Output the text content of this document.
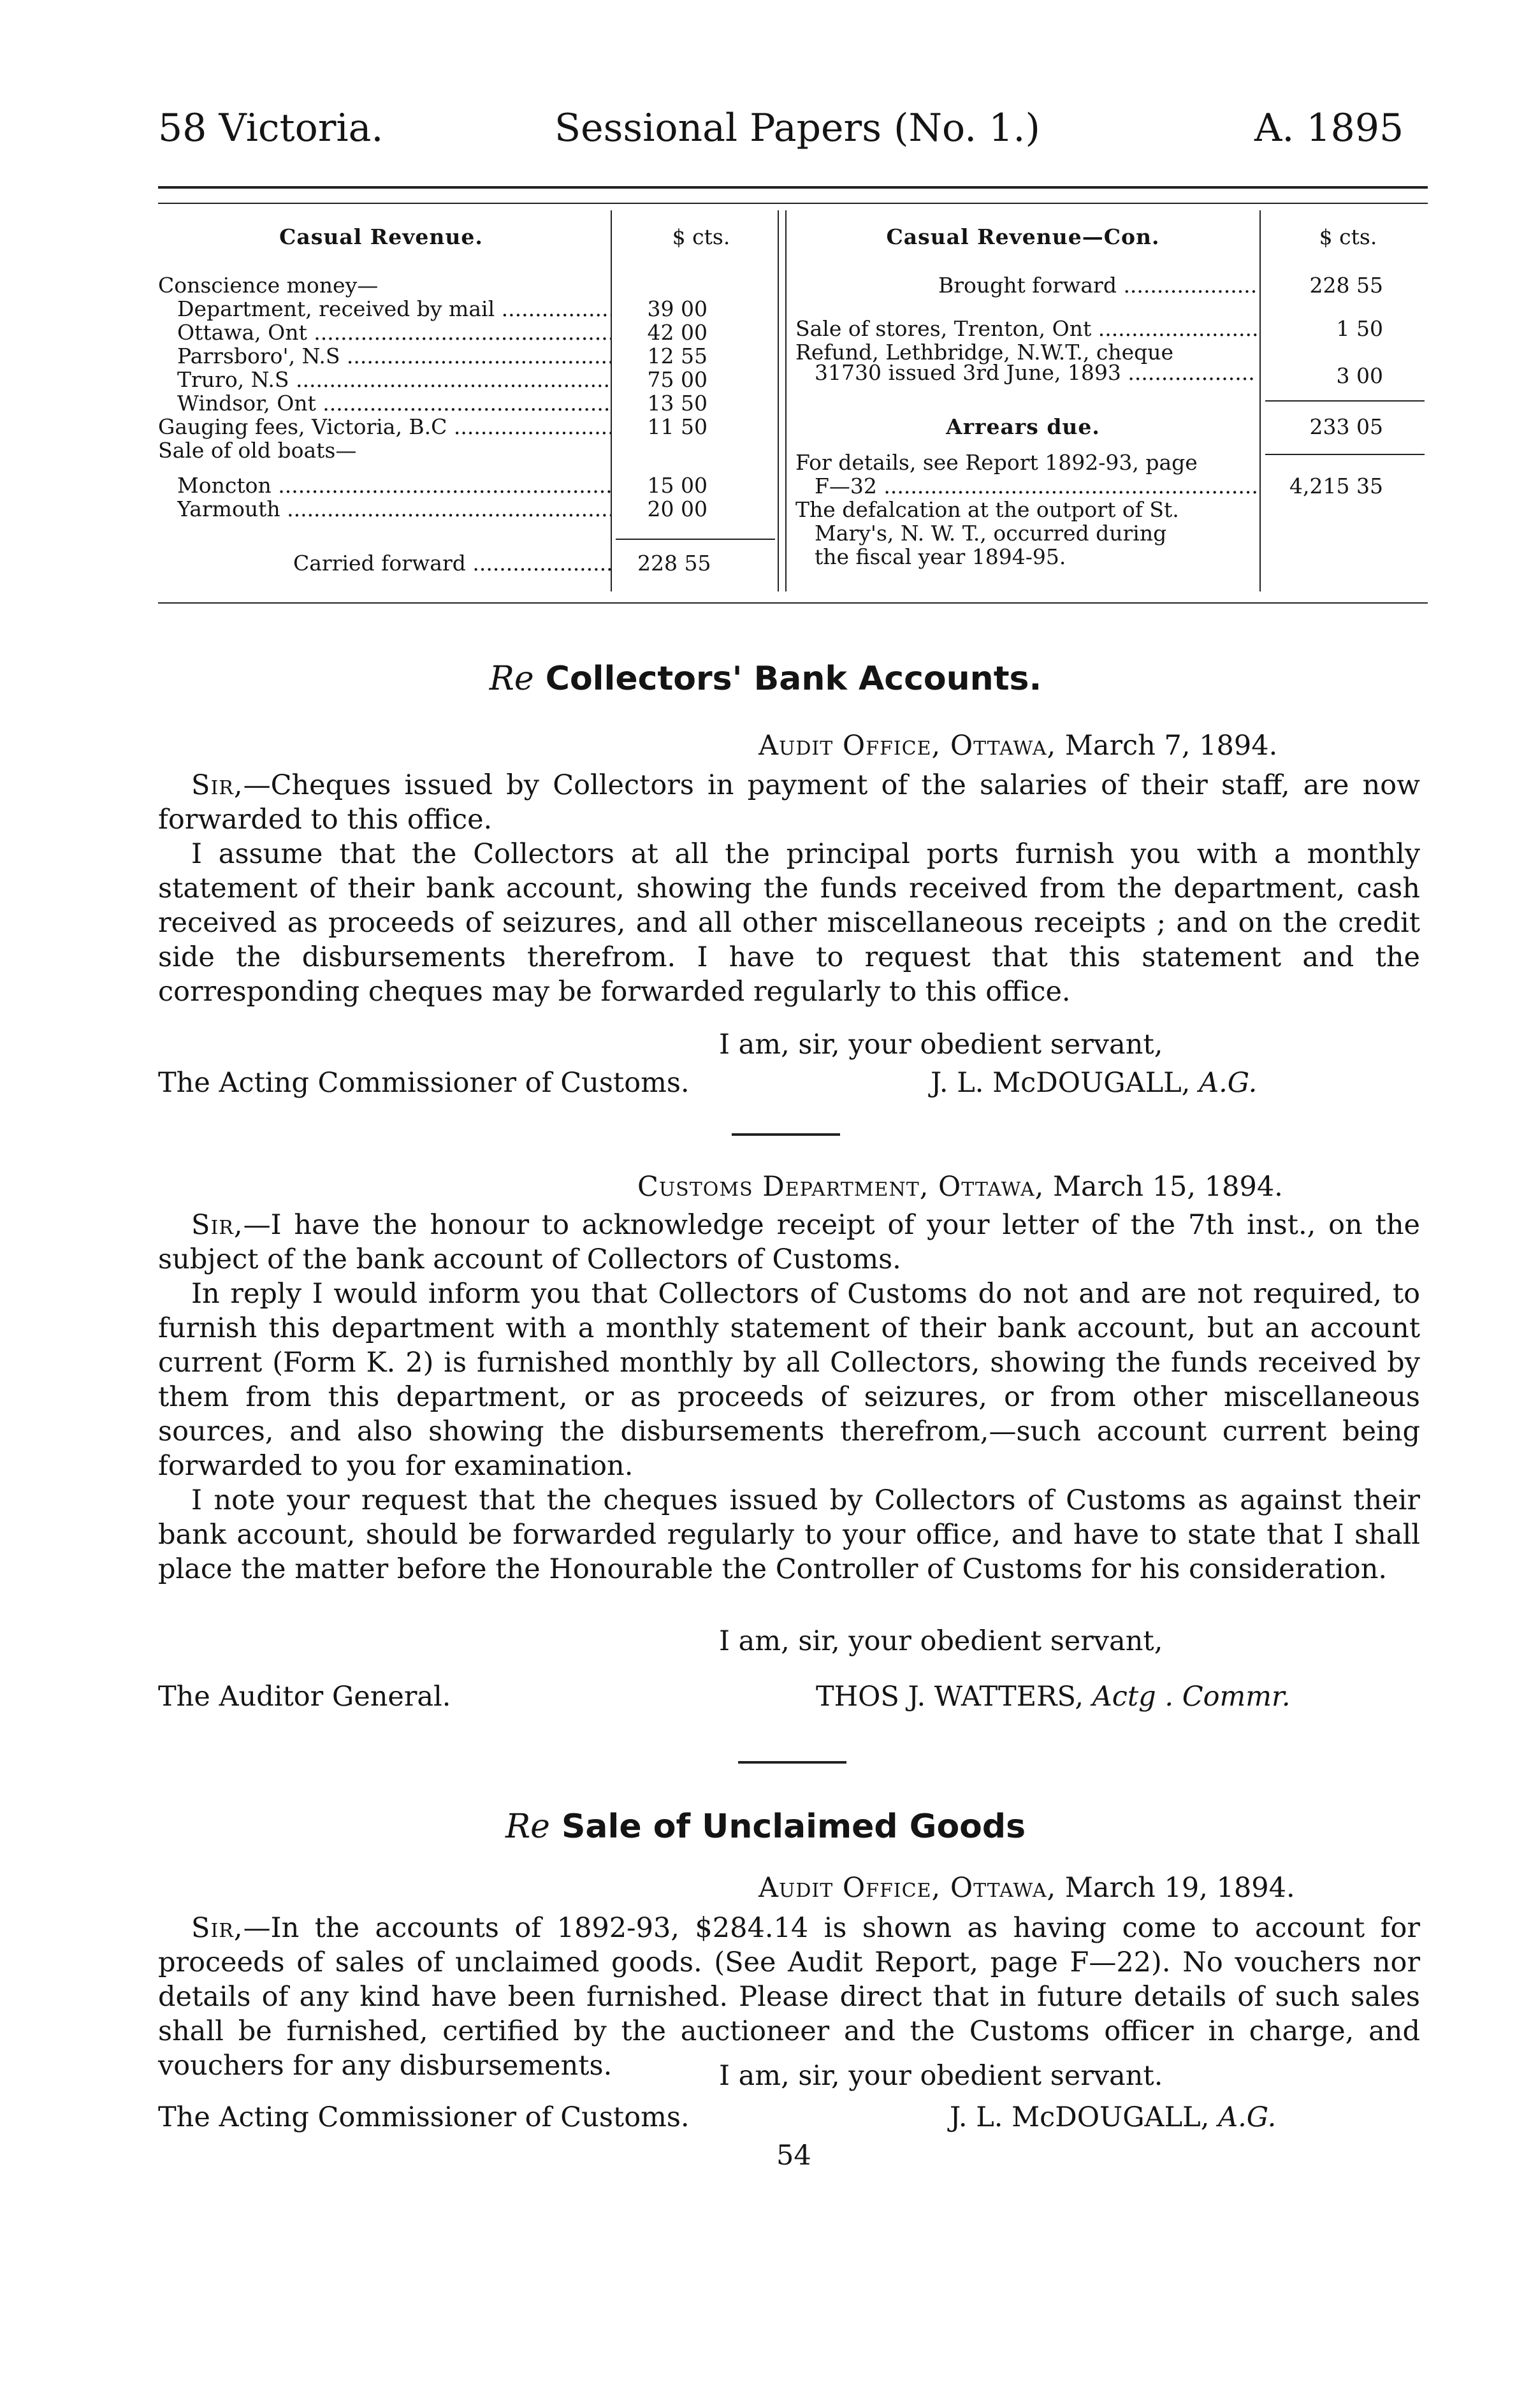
58 Victoria.	Sessional Papers (No. 1.)	A. 1895
Casual Revenue.	$ cts.
Conscience money—
Department, received by mail .....	39 00
Ottawa, Ont .....	42 00
Parrsboro', N.S .....	12 55
Truro, N.S .....	75 00
Windsor, Ont .....	13 50
Gauging fees, Victoria, B.C .....	11 50
Sale of old boats—
Moncton .....	15 00
Yarmouth .....	20 00
Carried forward .....	228 55
Casual Revenue—Con.	$ cts.
Brought forward .....	228 55
Sale of stores, Trenton, Ont .....	1 50
Refund, Lethbridge, N.W.T., cheque
31730 issued 3rd June, 1893 .....	3 00
Arrears due.	233 05
For details, see Report 1892-93, page
F—32 .....	4,215 35
The defalcation at the outport of St.
Mary's, N. W. T., occurred during
the fiscal year 1894-95.
Re Collectors' Bank Accounts.
Audit Office, Ottawa, March 7, 1894.

Sir,—Cheques issued by Collectors in payment of the salaries of their staff, are now forwarded to this office.

I assume that the Collectors at all the principal ports furnish you with a monthly statement of their bank account, showing the funds received from the department, cash received as proceeds of seizures, and all other miscellaneous receipts ; and on the credit side the disbursements therefrom. I have to request that this statement and the corresponding cheques may be forwarded regularly to this office.

I am, sir, your obedient servant,
The Acting Commissioner of Customs.	J. L. McDOUGALL, A.G.
Customs Department, Ottawa, March 15, 1894.

Sir,—I have the honour to acknowledge receipt of your letter of the 7th inst., on the subject of the bank account of Collectors of Customs.

In reply I would inform you that Collectors of Customs do not and are not required, to furnish this department with a monthly statement of their bank account, but an account current (Form K. 2) is furnished monthly by all Collectors, showing the funds received by them from this department, or as proceeds of seizures, or from other miscellaneous sources, and also showing the disbursements therefrom,—such account current being forwarded to you for examination.

I note your request that the cheques issued by Collectors of Customs as against their bank account, should be forwarded regularly to your office, and have to state that I shall place the matter before the Honourable the Controller of Customs for his consideration.

I am, sir, your obedient servant,
The Auditor General.	THOS J. WATTERS, Actg . Commr.
Re Sale of Unclaimed Goods
Audit Office, Ottawa, March 19, 1894.

Sir,—In the accounts of 1892-93, $284.14 is shown as having come to account for proceeds of sales of unclaimed goods. (See Audit Report, page F—22). No vouchers nor details of any kind have been furnished. Please direct that in future details of such sales shall be furnished, certified by the auctioneer and the Customs officer in charge, and vouchers for any disbursements.	I am, sir, your obedient servant.
The Acting Commissioner of Customs.	J. L. McDOUGALL, A.G.
54
